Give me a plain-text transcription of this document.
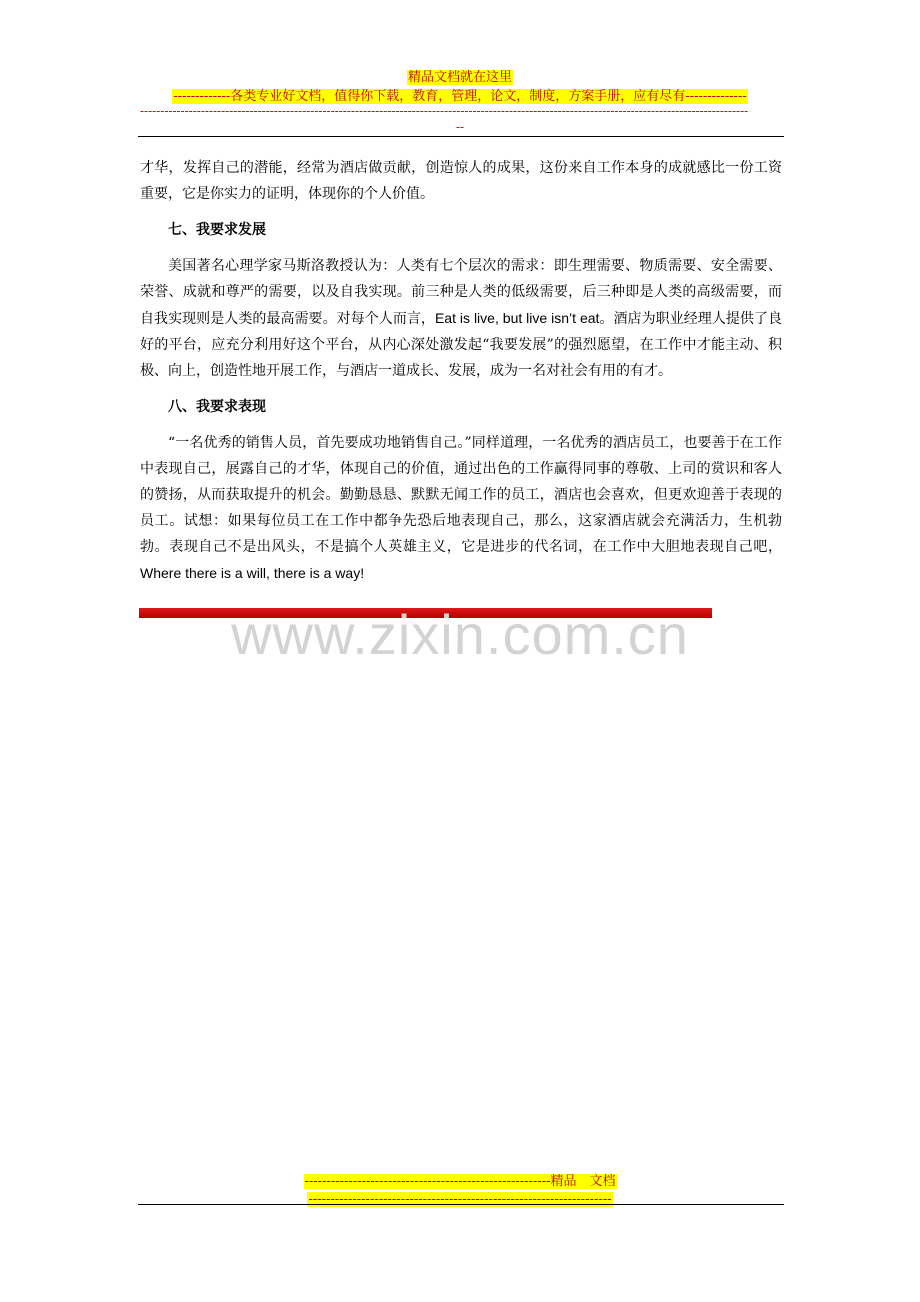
精品文档就在这里
-------------各类专业好文档，值得你下载，教育，管理，论文，制度，方案手册，应有尽有--------------
------------------------------------------------------------------------------------------------------------------------------------------------------
--

才华，发挥自己的潜能，经常为酒店做贡献，创造惊人的成果，这份来自工作本身的成就感比一份工资重要，它是你实力的证明，体现你的个人价值。

七、我要求发展

美国著名心理学家马斯洛教授认为：人类有七个层次的需求：即生理需要、物质需要、安全需要、荣誉、成就和尊严的需要，以及自我实现。前三种是人类的低级需要，后三种即是人类的高级需要，而自我实现则是人类的最高需要。对每个人而言，Eat is live, but live isn’t eat。酒店为职业经理人提供了良好的平台，应充分利用好这个平台，从内心深处激发起“我要发展”的强烈愿望，在工作中才能主动、积极、向上，创造性地开展工作，与酒店一道成长、发展，成为一名对社会有用的有才。

八、我要求表现

“一名优秀的销售人员，首先要成功地销售自己。”同样道理，一名优秀的酒店员工，也要善于在工作中表现自己，展露自己的才华，体现自己的价值，通过出色的工作赢得同事的尊敬、上司的赏识和客人的赞扬，从而获取提升的机会。勤勤恳恳、默默无闻工作的员工，酒店也会喜欢，但更欢迎善于表现的员工。试想：如果每位员工在工作中都争先恐后地表现自己，那么，这家酒店就会充满活力，生机勃勃。表现自己不是出风头，不是搞个人英雄主义，它是进步的代名词，在工作中大胆地表现自己吧，Where there is a will, there is a way!

www.zixin.com.cn
--------------------------------------------------------精品　文档
---------------------------------------------------------------------
